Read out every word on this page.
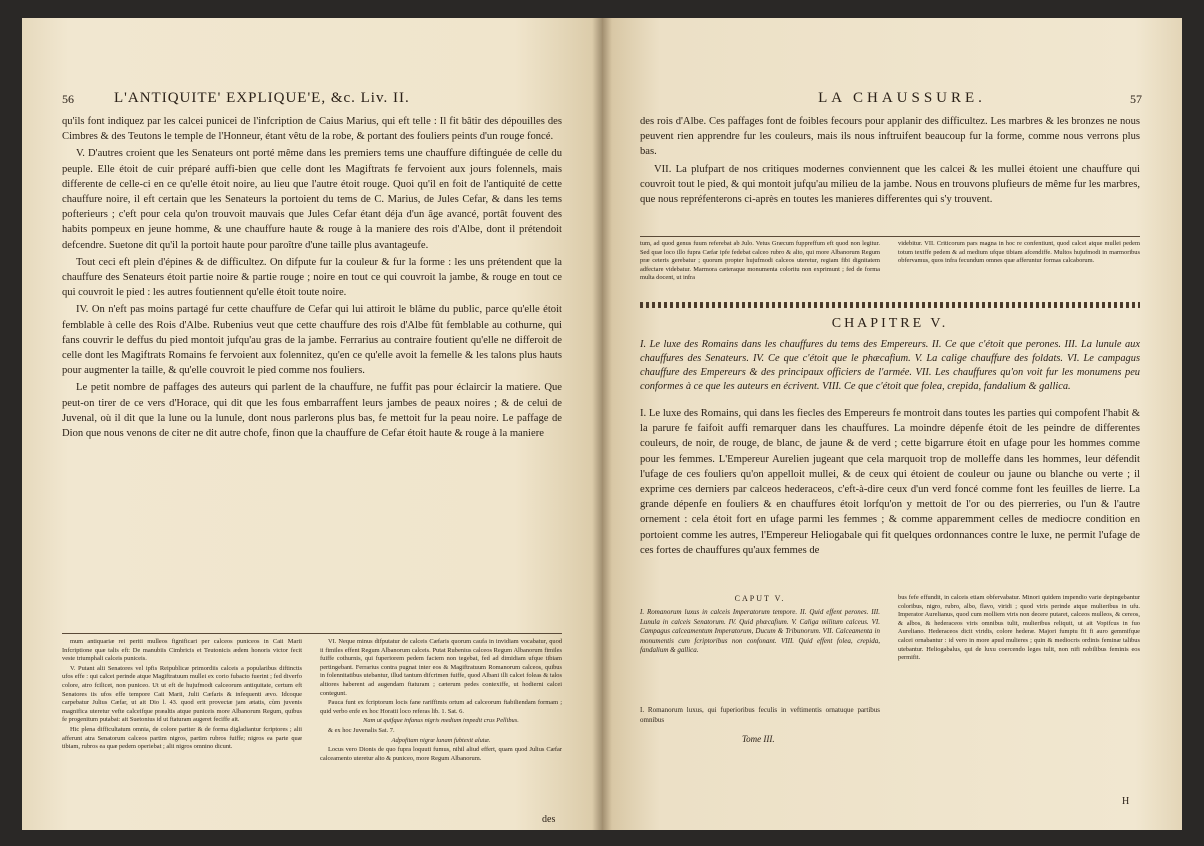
56	L'ANTIQUITE' EXPLIQUE'E, &c. Liv. II.

qu'ils font indiquez par les calcei punicei de l'infcription de Caius Marius, qui eft telle : Il fit bâtir des dépouilles des Cimbres & des Teutons le temple de l'Honneur, étant vêtu de la robe, & portant des fouliers peints d'un rouge foncé.

V. D'autres croient que les Senateurs ont porté même dans les premiers tems une chauffure diftinguée de celle du peuple. Elle étoit de cuir préparé auffi-bien que celle dont les Magiftrats fe fervoient aux jours folennels, mais differente de celle-ci en ce qu'elle étoit noire, au lieu que l'autre étoit rouge. Quoi qu'il en foit de l'antiquité de cette chauffure noire, il eft certain que les Senateurs la portoient du tems de C. Marius, de Jules Cefar, & dans les tems pofterieurs ; c'eft pour cela qu'on trouvoit mauvais que Jules Cefar étant déja d'un âge avancé, portât fouvent des habits pompeux en jeune homme, & une chauffure haute & rouge à la maniere des rois d'Albe, dont il prétendoit defcendre. Suetone dit qu'il la portoit haute pour paroître d'une taille plus avantageufe.

Tout ceci eft plein d'épines & de difficultez. On difpute fur la couleur & fur la forme : les uns prétendent que la chauffure des Senateurs étoit partie noire & partie rouge ; noire en tout ce qui couvroit la jambe, & rouge en tout ce qui couvroit le pied : les autres foutiennent qu'elle étoit toute noire.

IV. On n'eft pas moins partagé fur cette chauffure de Cefar qui lui attiroit le blâme du public, parce qu'elle étoit femblable à celle des Rois d'Albe. Rubenius veut que cette chauffure des rois d'Albe fût femblable au cothurne, qui fans couvrir le deffus du pied montoit jufqu'au gras de la jambe. Ferrarius au contraire foutient qu'elle ne differoit de celle dont les Magiftrats Romains fe fervoient aux folennitez, qu'en ce qu'elle avoit la femelle & les talons plus hauts pour augmenter la taille, & qu'elle couvroit le pied comme nos fouliers.

Le petit nombre de paffages des auteurs qui parlent de la chauffure, ne fuffit pas pour éclaircir la matiere. Que peut-on tirer de ce vers d'Horace, qui dit que les fous embarraffent leurs jambes de peaux noires ; & de celui de Juvenal, où il dit que la lune ou la lunule, dont nous parlerons plus bas, fe mettoit fur la peau noire. Le paffage de Dion que nous venons de citer ne dit autre chofe, finon que la chauffure de Cefar étoit haute & rouge à la maniere

mum antiquariæ rei periti mulleos fignificari per calceos puniceos in Caii Marii Infcriptione quæ talis eft: De manubiis Cimbricis et Teutonicis ædem honoris victor fecit veste triumphali calceis puniceis.

V. Putant alii Senatores vel ipfis Reipublicæ primordiis calceis a popularibus diftinctis ufos effe : qui calcei perinde atque Magiftratuum mullei ex corio fubacto fuerint ; fed diverfo colore, atro fcilicet, non puniceo. Ut ut eft de hujufmodi calceorum antiquitate, certum eft Senatores iis ufos effe tempore Caii Marii, Julii Cæfaris & infequenti ævo. Idcoque carpebatur Julius Cæfar, ut ait Dio l. 43. quod erit provectæ jam ætatis, cùm juvenis magnifica uteretur vefte calceifque præaltis atque puniceis more Albanorum Regum, quibus fe progenitum putabat: ait Suetonius id ut ftaturam augeret feciffe ait.

Hic plena difficultatum omnia, de colore pariter & de forma digladiantur fcriptores ; alii afferunt atra Senatorum calceos partim nigros, partim rubros fuiffe; nigros ea parte quæ tibiam, rubros ea quæ pedem operiebat ; alii nigros omnino dicunt.

VI. Neque minus difputatur de calceis Cæfaris quorum caufa in invidiam vocabatur, quod ii fimiles effent Regum Albanorum calceis. Putat Rubenius calceos Regum Albanorum fimiles fuiffe cothurnis, qui fuperiorem pedem faciem non tegebat, fed ad dimidiam ufque tibiam pertingebant. Ferrarius contra pugnat inter eos & Magiftratuum Romanorum calceos, quibus in folennitatibus utebantur, illud tantum difcrimen fuiffe, quod Albani illi calcei foleas & talos altiores haberent ad augendam ftaturam ; cæterum pedes contexiffe, ut hodierni calcei contegunt.

Pauca funt ex fcriptorum locis fane rariffimis ortum ad calceorum ftabiliendam formam ; quid verbo enfe ex hoc Horatii loco referas lib. 1. Sat. 6.

Nam ut quifque infanus nigris medium impedit crus Pellibus.

& ex hoc Juvenalis Sat. 7.

Adpofitam nigræ lunam fubtexit alutæ.

Locus vero Dionis de quo fupra loquuti fumus, nihil aliud effert, quam quod Julius Cæfar calceamento uteretur alto & puniceo, more Regum Albanorum.

des
LA CHAUSSURE.	57

des rois d'Albe. Ces paffages font de foibles fecours pour applanir des difficultez. Les marbres & les bronzes ne nous peuvent rien apprendre fur les couleurs, mais ils nous inftruifent beaucoup fur la forme, comme nous verrons plus bas.

VII. La plufpart de nos critiques modernes conviennent que les calcei & les mullei étoient une chauffure qui couvroit tout le pied, & qui montoit jufqu'au milieu de la jambe. Nous en trouvons plufieurs de même fur les marbres, que nous repréfenterons ci-après en toutes les manieres differentes qui s'y trouvent.

tum, ad quod genus fuum referebat ab Julo. Vetus Græcum fuppreffum eft quod non legitur. Sed quæ loco illo fupra Cæfar ipfe fedebat calceo rubro & alto, qui more Albanorum Regum præ ceteris gerebatur ; quorum propter hujufmodi calceos uteretur, regiam fibi dignitatem adfectare videbatur. Marmora cæteraque monumenta coloritu non exprimunt ; fed de forma multa docent, ut infra
videbitur. VII. Criticorum pars magna in hoc re confentiunt, quod calcei atque mullei pedem totum texiffe pedem & ad medium ufque tibiam afcendiffe. Multos hujufmodi in marmoribus obfervamus, quos infra fecundum omnes quæ afferuntur formas calcaborum.
CHAPITRE V.
I. Le luxe des Romains dans les chauffures du tems des Empereurs. II. Ce que c'étoit que perones. III. La lunule aux chauffures des Senateurs. IV. Ce que c'étoit que le phæcafium. V. La calige chauffure des foldats. VI. Le campagus chauffure des Empereurs & des principaux officiers de l'armée. VII. Les chauffures qu'on voit fur les monumens peu conformes à ce que les auteurs en écrivent. VIII. Ce que c'étoit que folea, crepida, fandalium & gallica.

I. Le luxe des Romains, qui dans les fiecles des Empereurs fe montroit dans toutes les parties qui compofent l'habit & la parure fe faifoit auffi remarquer dans les chauffures. La moindre dépenfe étoit de les peindre de differentes couleurs, de noir, de rouge, de blanc, de jaune & de verd ; cette bigarrure étoit en ufage pour les hommes comme pour les femmes. L'Empereur Aurelien jugeant que cela marquoit trop de molleffe dans les hommes, leur défendit l'ufage de ces fouliers qu'on appelloit mullei, & de ceux qui étoient de couleur ou jaune ou blanche ou verte ; il exprime ces derniers par calceos hederaceos, c'eft-à-dire ceux d'un verd foncé comme font les feuilles de lierre. La grande dépenfe en fouliers & en chauffures étoit lorfqu'on y mettoit de l'or ou des pierreries, ou l'un & l'autre ornement : cela étoit fort en ufage parmi les femmes ; & comme apparemment celles de mediocre condition en portoient comme les autres, l'Empereur Heliogabale qui fit quelques ordonnances contre le luxe, ne permit l'ufage de ces fortes de chauffures qu'aux femmes de

CAPUT V.
I. Romanorum luxus in calceis Imperatorum tempore. II. Quid effent perones. III. Lunula in calceis Senatorum. IV. Quid phæcafium. V. Caliga militum calceus. VI. Campagus calceamentum Imperatorum, Ducum & Tribunorum. VII. Calceamenta in monumentis cum fcriptoribus non confonant. VIII. Quid effent folea, crepida, fandalium & gallica.
I. Romanorum luxus, qui fuperioribus feculis in veftimentis ornatuque partibus omnibus
bus fefe effundit, in calceis etiam obfervabatur. Minori quidem impendio varie depingebantur coloribus, nigro, rubro, albo, flavo, viridi ; quod viris perinde atque mulieribus in ufu. Imperator Aurelianus, quod cum molliem viris non decere putaret, calceos mulleos, & cereos, & albos, & hederaceos viris omnibus tulit, mulieribus reliquit, ut ait Vopifcus in fuo Aureliano. Hederaceos dicit viridis, colore hederæ. Majori fumptu fit fi auro gemmifque calcei ornabantur : id vero in more apud mulieres ; quin & mediocris ordinis feminæ talibus utebantur. Heliogabalus, qui de luxu coercendo leges tulit, non nifi nobilibus feminis eos permifit.
Tome III.
H
